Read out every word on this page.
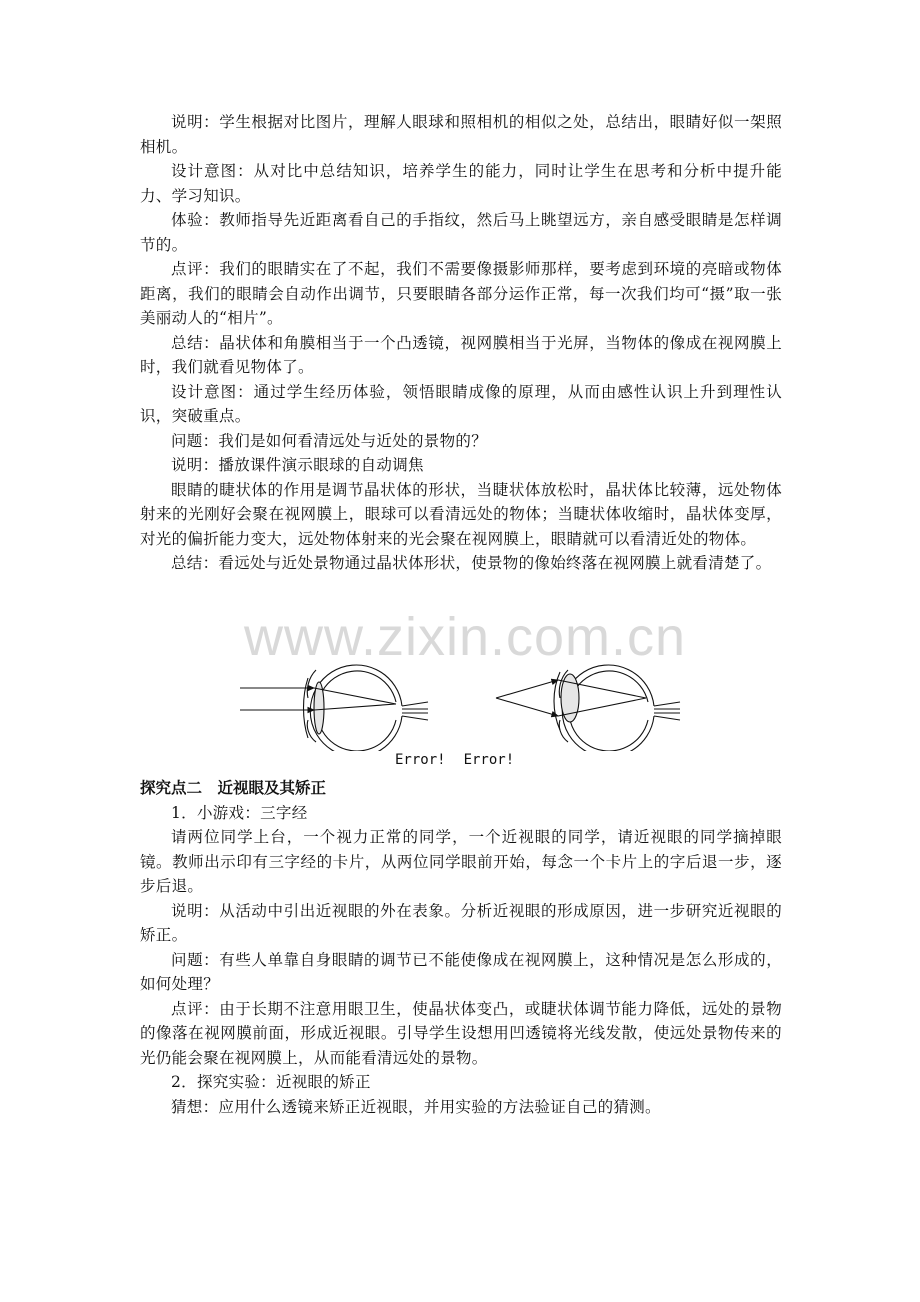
说明：学生根据对比图片，理解人眼球和照相机的相似之处，总结出，眼睛好似一架照相机。

设计意图：从对比中总结知识，培养学生的能力，同时让学生在思考和分析中提升能力、学习知识。

体验：教师指导先近距离看自己的手指纹，然后马上眺望远方，亲自感受眼睛是怎样调节的。

点评：我们的眼睛实在了不起，我们不需要像摄影师那样，要考虑到环境的亮暗或物体距离，我们的眼睛会自动作出调节，只要眼睛各部分运作正常，每一次我们均可“摄”取一张美丽动人的“相片”。

总结：晶状体和角膜相当于一个凸透镜，视网膜相当于光屏，当物体的像成在视网膜上时，我们就看见物体了。

设计意图：通过学生经历体验，领悟眼睛成像的原理，从而由感性认识上升到理性认识，突破重点。

问题：我们是如何看清远处与近处的景物的？

说明：播放课件演示眼球的自动调焦

眼睛的睫状体的作用是调节晶状体的形状，当睫状体放松时，晶状体比较薄，远处物体射来的光刚好会聚在视网膜上，眼球可以看清远处的物体；当睫状体收缩时，晶状体变厚，对光的偏折能力变大，远处物体射来的光会聚在视网膜上，眼睛就可以看清近处的物体。

总结：看远处与近处景物通过晶状体形状，使景物的像始终落在视网膜上就看清楚了。

www.zixin.com.cn
Error! Error!
探究点二　近视眼及其矫正

1．小游戏：三字经

请两位同学上台，一个视力正常的同学，一个近视眼的同学，请近视眼的同学摘掉眼镜。教师出示印有三字经的卡片，从两位同学眼前开始，每念一个卡片上的字后退一步，逐步后退。

说明：从活动中引出近视眼的外在表象。分析近视眼的形成原因，进一步研究近视眼的矫正。

问题：有些人单靠自身眼睛的调节已不能使像成在视网膜上，这种情况是怎么形成的，如何处理？

点评：由于长期不注意用眼卫生，使晶状体变凸，或睫状体调节能力降低，远处的景物的像落在视网膜前面，形成近视眼。引导学生设想用凹透镜将光线发散，使远处景物传来的光仍能会聚在视网膜上，从而能看清远处的景物。

2．探究实验：近视眼的矫正

猜想：应用什么透镜来矫正近视眼，并用实验的方法验证自己的猜测。
